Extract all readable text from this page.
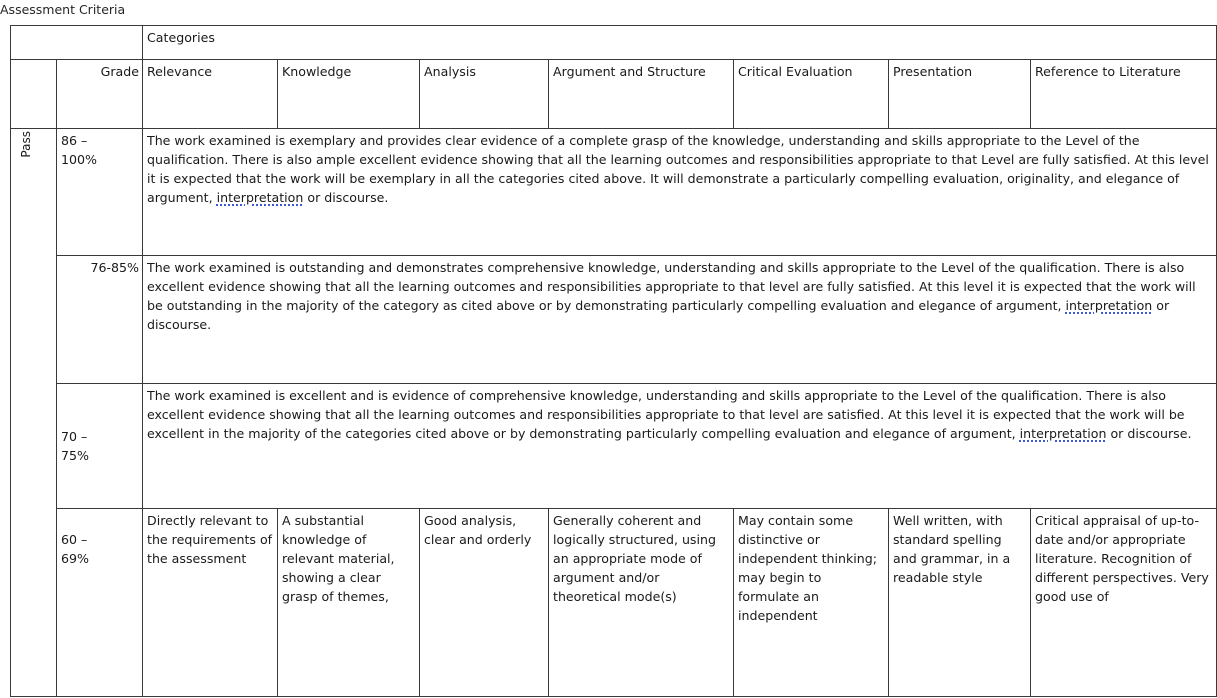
Assessment Criteria
		Categories						
	Grade	Relevance	Knowledge	Analysis	Argument and Structure	Critical Evaluation	Presentation	Reference to Literature

Pass	86 – 100%	The work examined is exemplary and provides clear evidence of a complete grasp of the knowledge, understanding and skills appropriate to the Level of the qualification. There is also ample excellent evidence showing that all the learning outcomes and responsibilities appropriate to that Level are fully satisfied. At this level it is expected that the work will be exemplary in all the categories cited above. It will demonstrate a particularly compelling evaluation, originality, and elegance of argument, interpretation or discourse.						

	76-85%	The work examined is outstanding and demonstrates comprehensive knowledge, understanding and skills appropriate to the Level of the qualification. There is also excellent evidence showing that all the learning outcomes and responsibilities appropriate to that level are fully satisfied. At this level it is expected that the work will be outstanding in the majority of the category as cited above or by demonstrating particularly compelling evaluation and elegance of argument, interpretation or discourse.						

	70 – 75%	The work examined is excellent and is evidence of comprehensive knowledge, understanding and skills appropriate to the Level of the qualification. There is also excellent evidence showing that all the learning outcomes and responsibilities appropriate to that level are satisfied. At this level it is expected that the work will be excellent in the majority of the categories cited above or by demonstrating particularly compelling evaluation and elegance of argument, interpretation or discourse.						

	60 – 69%	Directly relevant to the requirements of the assessment	A substantial knowledge of relevant material, showing a clear grasp of themes,	Good analysis, clear and orderly	Generally coherent and logically structured, using an appropriate mode of argument and/or theoretical mode(s)	May contain some distinctive or independent thinking; may begin to formulate an independent	Well written, with standard spelling and grammar, in a readable style	Critical appraisal of up-to-date and/or appropriate literature. Recognition of different perspectives. Very good use of
